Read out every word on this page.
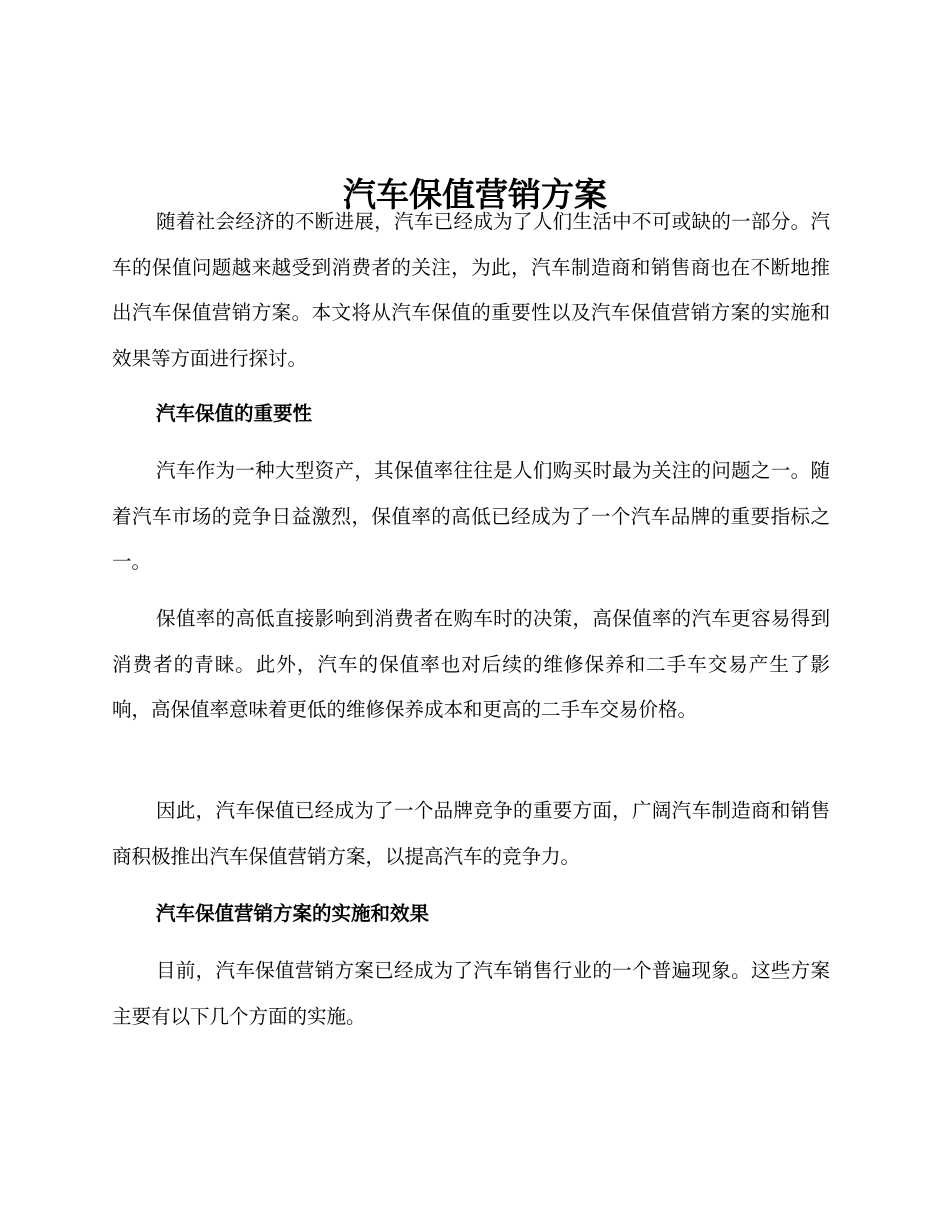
汽车保值营销方案

随着社会经济的不断进展，汽车已经成为了人们生活中不可或缺的一部分。汽车的保值问题越来越受到消费者的关注，为此，汽车制造商和销售商也在不断地推出汽车保值营销方案。本文将从汽车保值的重要性以及汽车保值营销方案的实施和效果等方面进行探讨。

汽车保值的重要性

汽车作为一种大型资产，其保值率往往是人们购买时最为关注的问题之一。随着汽车市场的竞争日益激烈，保值率的高低已经成为了一个汽车品牌的重要指标之一。

保值率的高低直接影响到消费者在购车时的决策，高保值率的汽车更容易得到消费者的青睐。此外，汽车的保值率也对后续的维修保养和二手车交易产生了影响，高保值率意味着更低的维修保养成本和更高的二手车交易价格。

因此，汽车保值已经成为了一个品牌竞争的重要方面，广阔汽车制造商和销售商积极推出汽车保值营销方案，以提高汽车的竞争力。

汽车保值营销方案的实施和效果

目前，汽车保值营销方案已经成为了汽车销售行业的一个普遍现象。这些方案主要有以下几个方面的实施。
